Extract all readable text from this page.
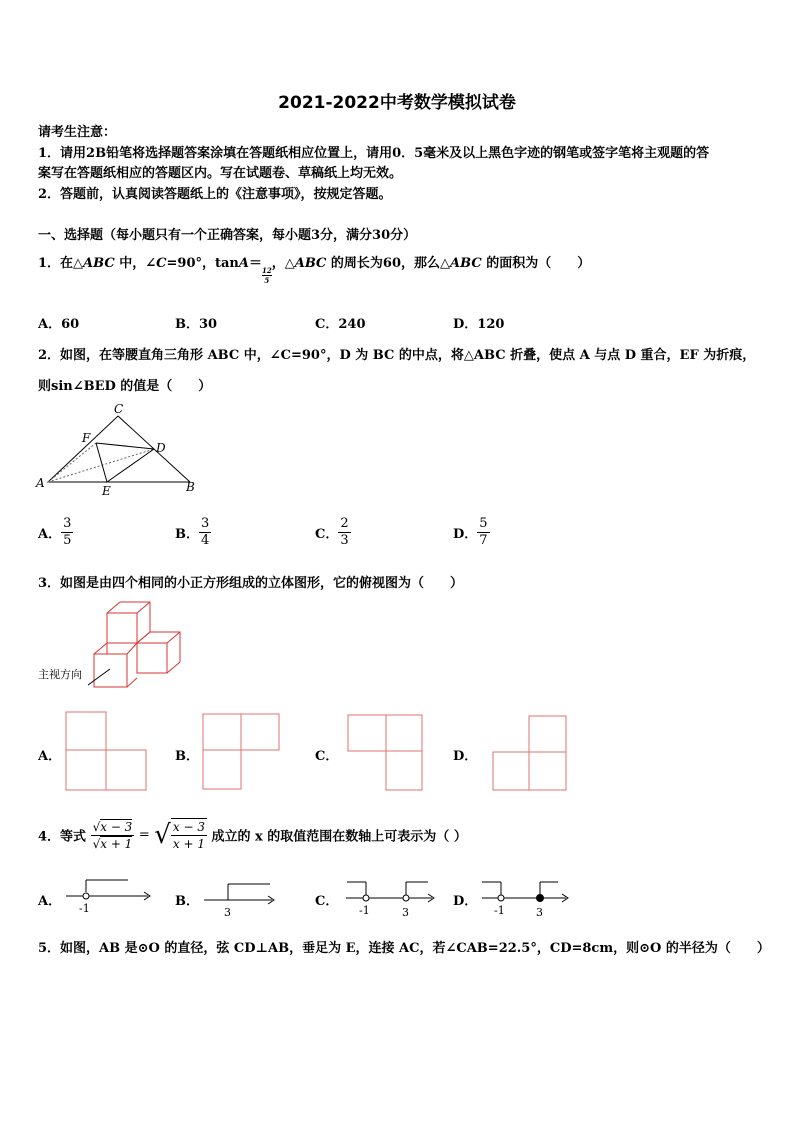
2021-2022中考数学模拟试卷
请考生注意：
1．请用2B铅笔将选择题答案涂填在答题纸相应位置上，请用0．5毫米及以上黑色字迹的钢笔或签字笔将主观题的答
案写在答题纸相应的答题区内。写在试题卷、草稿纸上均无效。
2．答题前，认真阅读答题纸上的《注意事项》，按规定答题。
一、选择题（每小题只有一个正确答案，每小题3分，满分30分）
1．在△ABC 中，∠C=90°，tanA＝
$\frac{12}{5}$，△ABC 的周长为60，那么△ABC 的面积为（　　）
A．60	B．30	C．240	D．120
2．如图，在等腰直角三角形 ABC 中，∠C=90°，D 为 BC 的中点，将△ABC 折叠，使点 A 与点 D 重合，EF 为折痕，
则sin∠BED 的值是（　　）
C
F
D
A
E	B
A． $\frac{3}{5}$	B． $\frac{3}{4}$	C． $\frac{2}{3}$	D． $\frac{5}{7}$
3．如图是由四个相同的小正方形组成的立体图形，它的俯视图为（　　）
主视方向
A．	B．	C．	D．
4．等式 $\frac{√x - 3}{√x + 1}$ = √ $\frac{x - 3}{x + 1}$ 成立的 x 的取值范围在数轴上可表示为（ ）
A． -1	B．
3
C．
-1	3
D．
-1	3
5．如图，AB 是⊙O 的直径，弦 CD⊥AB，垂足为 E，连接 AC，若∠CAB=22.5°，CD=8cm，则⊙O 的半径为（　　）
